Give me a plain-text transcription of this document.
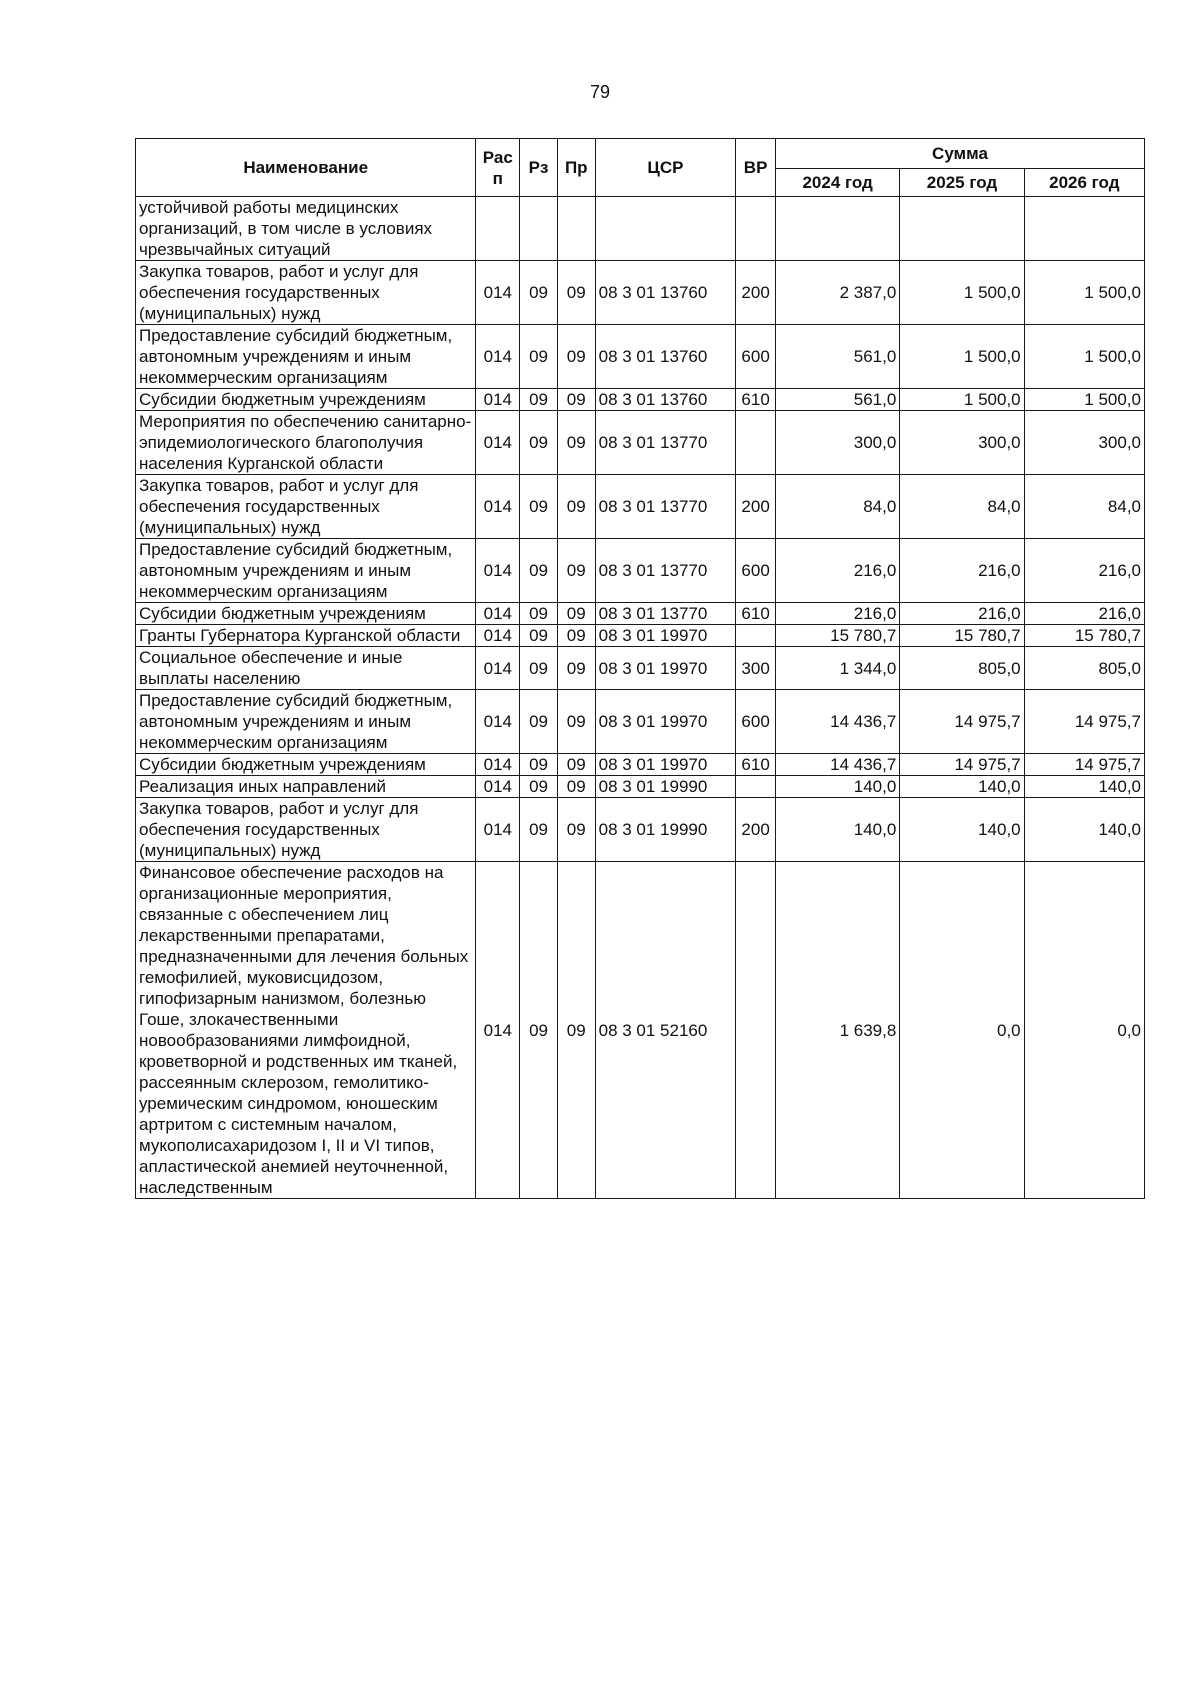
79
Наименование	Рас п	Рз	Пр	ЦСР	ВР	Сумма		
						2024 год	2025 год	2026 год
устойчивой работы медицинских организаций, в том числе в условиях чрезвычайных ситуаций								
Закупка товаров, работ и услуг для обеспечения государственных (муниципальных) нужд	014	09	09	08 3 01 13760	200	2 387,0	1 500,0	1 500,0
Предоставление субсидий бюджетным, автономным учреждениям и иным некоммерческим организациям	014	09	09	08 3 01 13760	600	561,0	1 500,0	1 500,0
Субсидии бюджетным учреждениям	014	09	09	08 3 01 13760	610	561,0	1 500,0	1 500,0
Мероприятия по обеспечению санитарно-эпидемиологического благополучия населения Курганской области	014	09	09	08 3 01 13770		300,0	300,0	300,0
Закупка товаров, работ и услуг для обеспечения государственных (муниципальных) нужд	014	09	09	08 3 01 13770	200	84,0	84,0	84,0
Предоставление субсидий бюджетным, автономным учреждениям и иным некоммерческим организациям	014	09	09	08 3 01 13770	600	216,0	216,0	216,0
Субсидии бюджетным учреждениям	014	09	09	08 3 01 13770	610	216,0	216,0	216,0
Гранты Губернатора Курганской области	014	09	09	08 3 01 19970		15 780,7	15 780,7	15 780,7
Социальное обеспечение и иные выплаты населению	014	09	09	08 3 01 19970	300	1 344,0	805,0	805,0
Предоставление субсидий бюджетным, автономным учреждениям и иным некоммерческим организациям	014	09	09	08 3 01 19970	600	14 436,7	14 975,7	14 975,7
Субсидии бюджетным учреждениям	014	09	09	08 3 01 19970	610	14 436,7	14 975,7	14 975,7
Реализация иных направлений	014	09	09	08 3 01 19990		140,0	140,0	140,0
Закупка товаров, работ и услуг для обеспечения государственных (муниципальных) нужд	014	09	09	08 3 01 19990	200	140,0	140,0	140,0
Финансовое обеспечение расходов на организационные мероприятия, связанные с обеспечением лиц лекарственными препаратами, предназначенными для лечения больных гемофилией, муковисцидозом, гипофизарным нанизмом, болезнью Гоше, злокачественными новообразованиями лимфоидной, кроветворной и родственных им тканей, рассеянным склерозом, гемолитико-уремическим синдромом, юношеским артритом с системным началом, мукополисахаридозом I, II и VI типов, апластической анемией неуточненной, наследственным	014	09	09	08 3 01 52160		1 639,8	0,0	0,0
